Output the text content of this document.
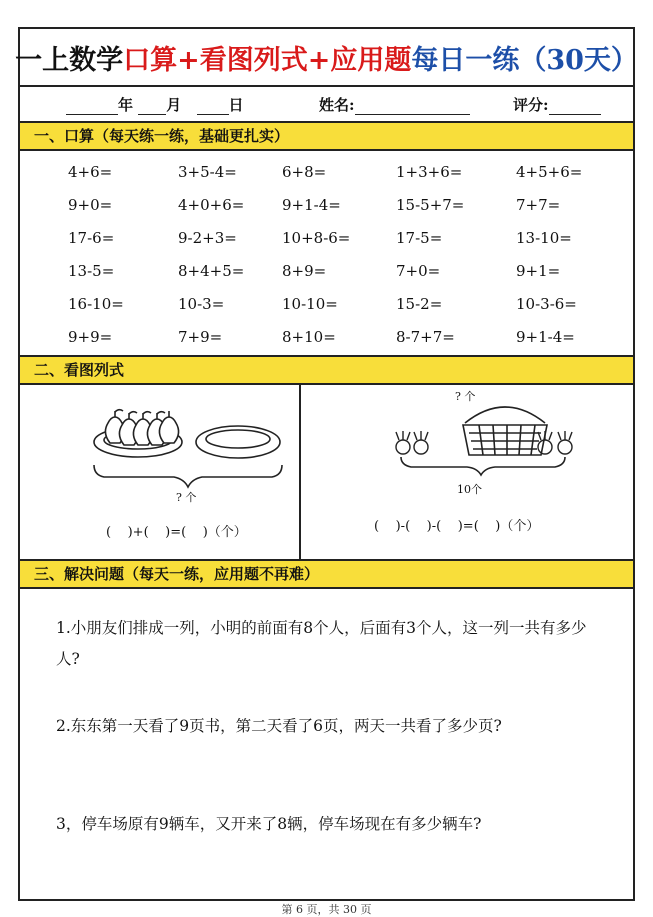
一上数学 口算+看图列式+应用题 每日一练（30天）
年 月	日	姓名:	评分:
一、口算（每天练一练，基础更扎实）
4+6=	3+5-4=	6+8=	1+3+6=	4+5+6=
9+0=	4+0+6=	9+1-4=	15-5+7=	7+7=
17-6=	9-2+3=	10+8-6=	17-5=	13-10=
13-5=	8+4+5=	8+9=	7+0=	9+1=
16-10=	10-3=	10-10=	15-2=	10-3-6=
9+9=	7+9=	8+10=	8-7+7=	9+1-4=
二、看图列式
? 个
(    )+(    )=(    )（个）
? 个
10个
(    )-(    )-(    )=(    )（个）
三、解决问题（每天一练，应用题不再难）
1.小朋友们排成一列，小明的前面有8个人，后面有3个人，这一列一共有多少人?
2.东东第一天看了9页书，第二天看了6页，两天一共看了多少页?
3，停车场原有9辆车，又开来了8辆，停车场现在有多少辆车?
第 6 页，共 30 页
